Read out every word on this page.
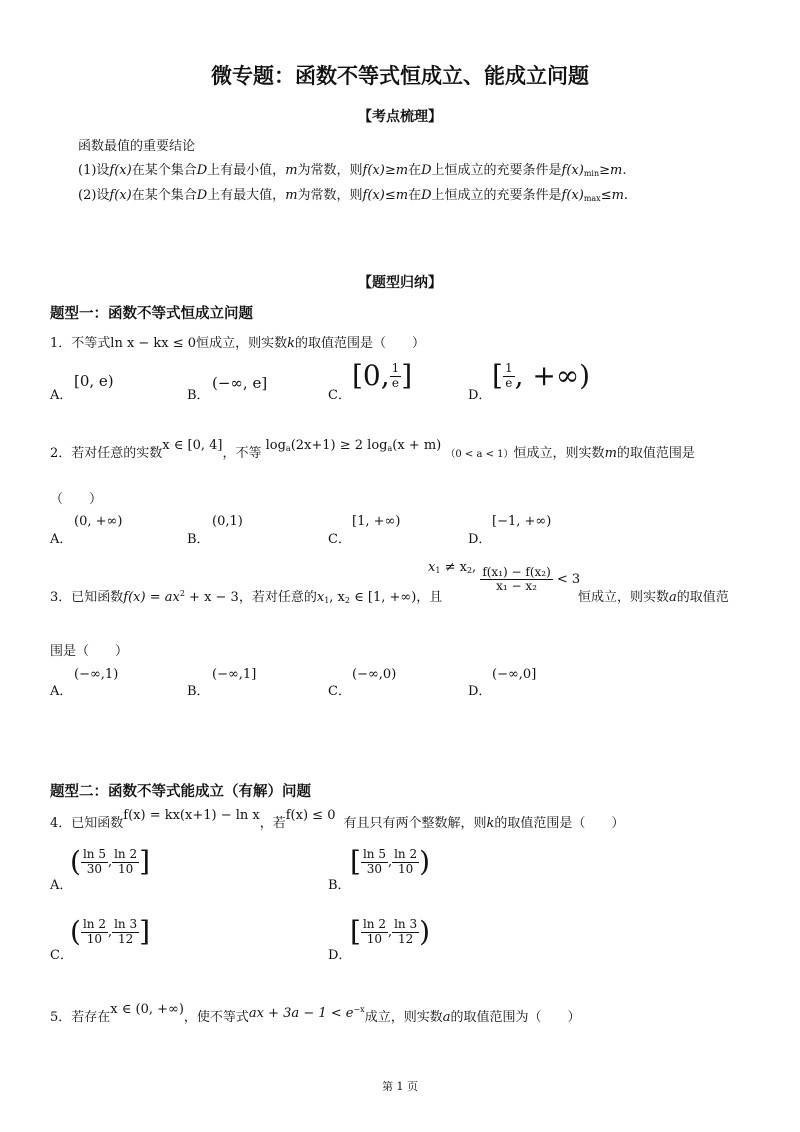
微专题：函数不等式恒成立、能成立问题
【考点梳理】
函数最值的重要结论
(1)设f(x)在某个集合D上有最小值，m为常数，则f(x)≥m在D上恒成立的充要条件是$f(x)_{min}\ge m$.
(2)设f(x)在某个集合D上有最大值，m为常数，则f(x)≤m在D上恒成立的充要条件是$f(x)_{max}\le m$.
【题型归纳】
题型一：函数不等式恒成立问题
1．不等式ln x − kx ≤ 0恒成立，则实数k的取值范围是（　　）
A．
[0, e)
B．
(−∞, e]
C．
[0, $\frac{1}{e}$ ]
D．
[ $\frac{1}{e}$ , +∞)
2．若对任意的实数x ∈ [0, 4]，不等 $\log_a(2x+1) \ge 2$ $\log_a(x + m) (0 < a < 1)$恒成立，则实数m的取值范围是
（　　）
A．
(0, +∞)
B．
(0,1)
C．
[1, +∞)
D．
[−1, +∞)
3．已知函数$f(x) = ax^2 + x - 3$，若对任意的$x_1$, $x_2$ ∈ [1, +∞)，且
$x_1 \ne x_2$, $\frac{\text{f(x₁) − f(x₂)}}{\text{x₁ − x₂}} < 3$
恒成立，则实数a的取值范
围是（　　）
A．
(−∞,1)
B．
(−∞,1]
C．
(−∞,0)
D．
(−∞,0]
题型二：函数不等式能成立（有解）问题
4．已知函数f(x) = kx(x+1) − ln x，若f(x) ≤ 0有且只有两个整数解，则k的取值范围是（　　）
A．
( $\frac{\ln 5}{30}$ , $\frac{\ln 2}{10}$ ]
B．
[ $\frac{\ln 5}{30}$ , $\frac{\ln 2}{10}$ )
C．
( $\frac{\ln 2}{10}$ , $\frac{\ln 3}{12}$ ]
D．
[ $\frac{\ln 2}{10}$ , $\frac{\ln 3}{12}$ )
5．若存在x ∈ (0, +∞)，使不等式ax + $3a - 1 < e^{-x}$成立，则实数a的取值范围为（　　）
第 1 页
